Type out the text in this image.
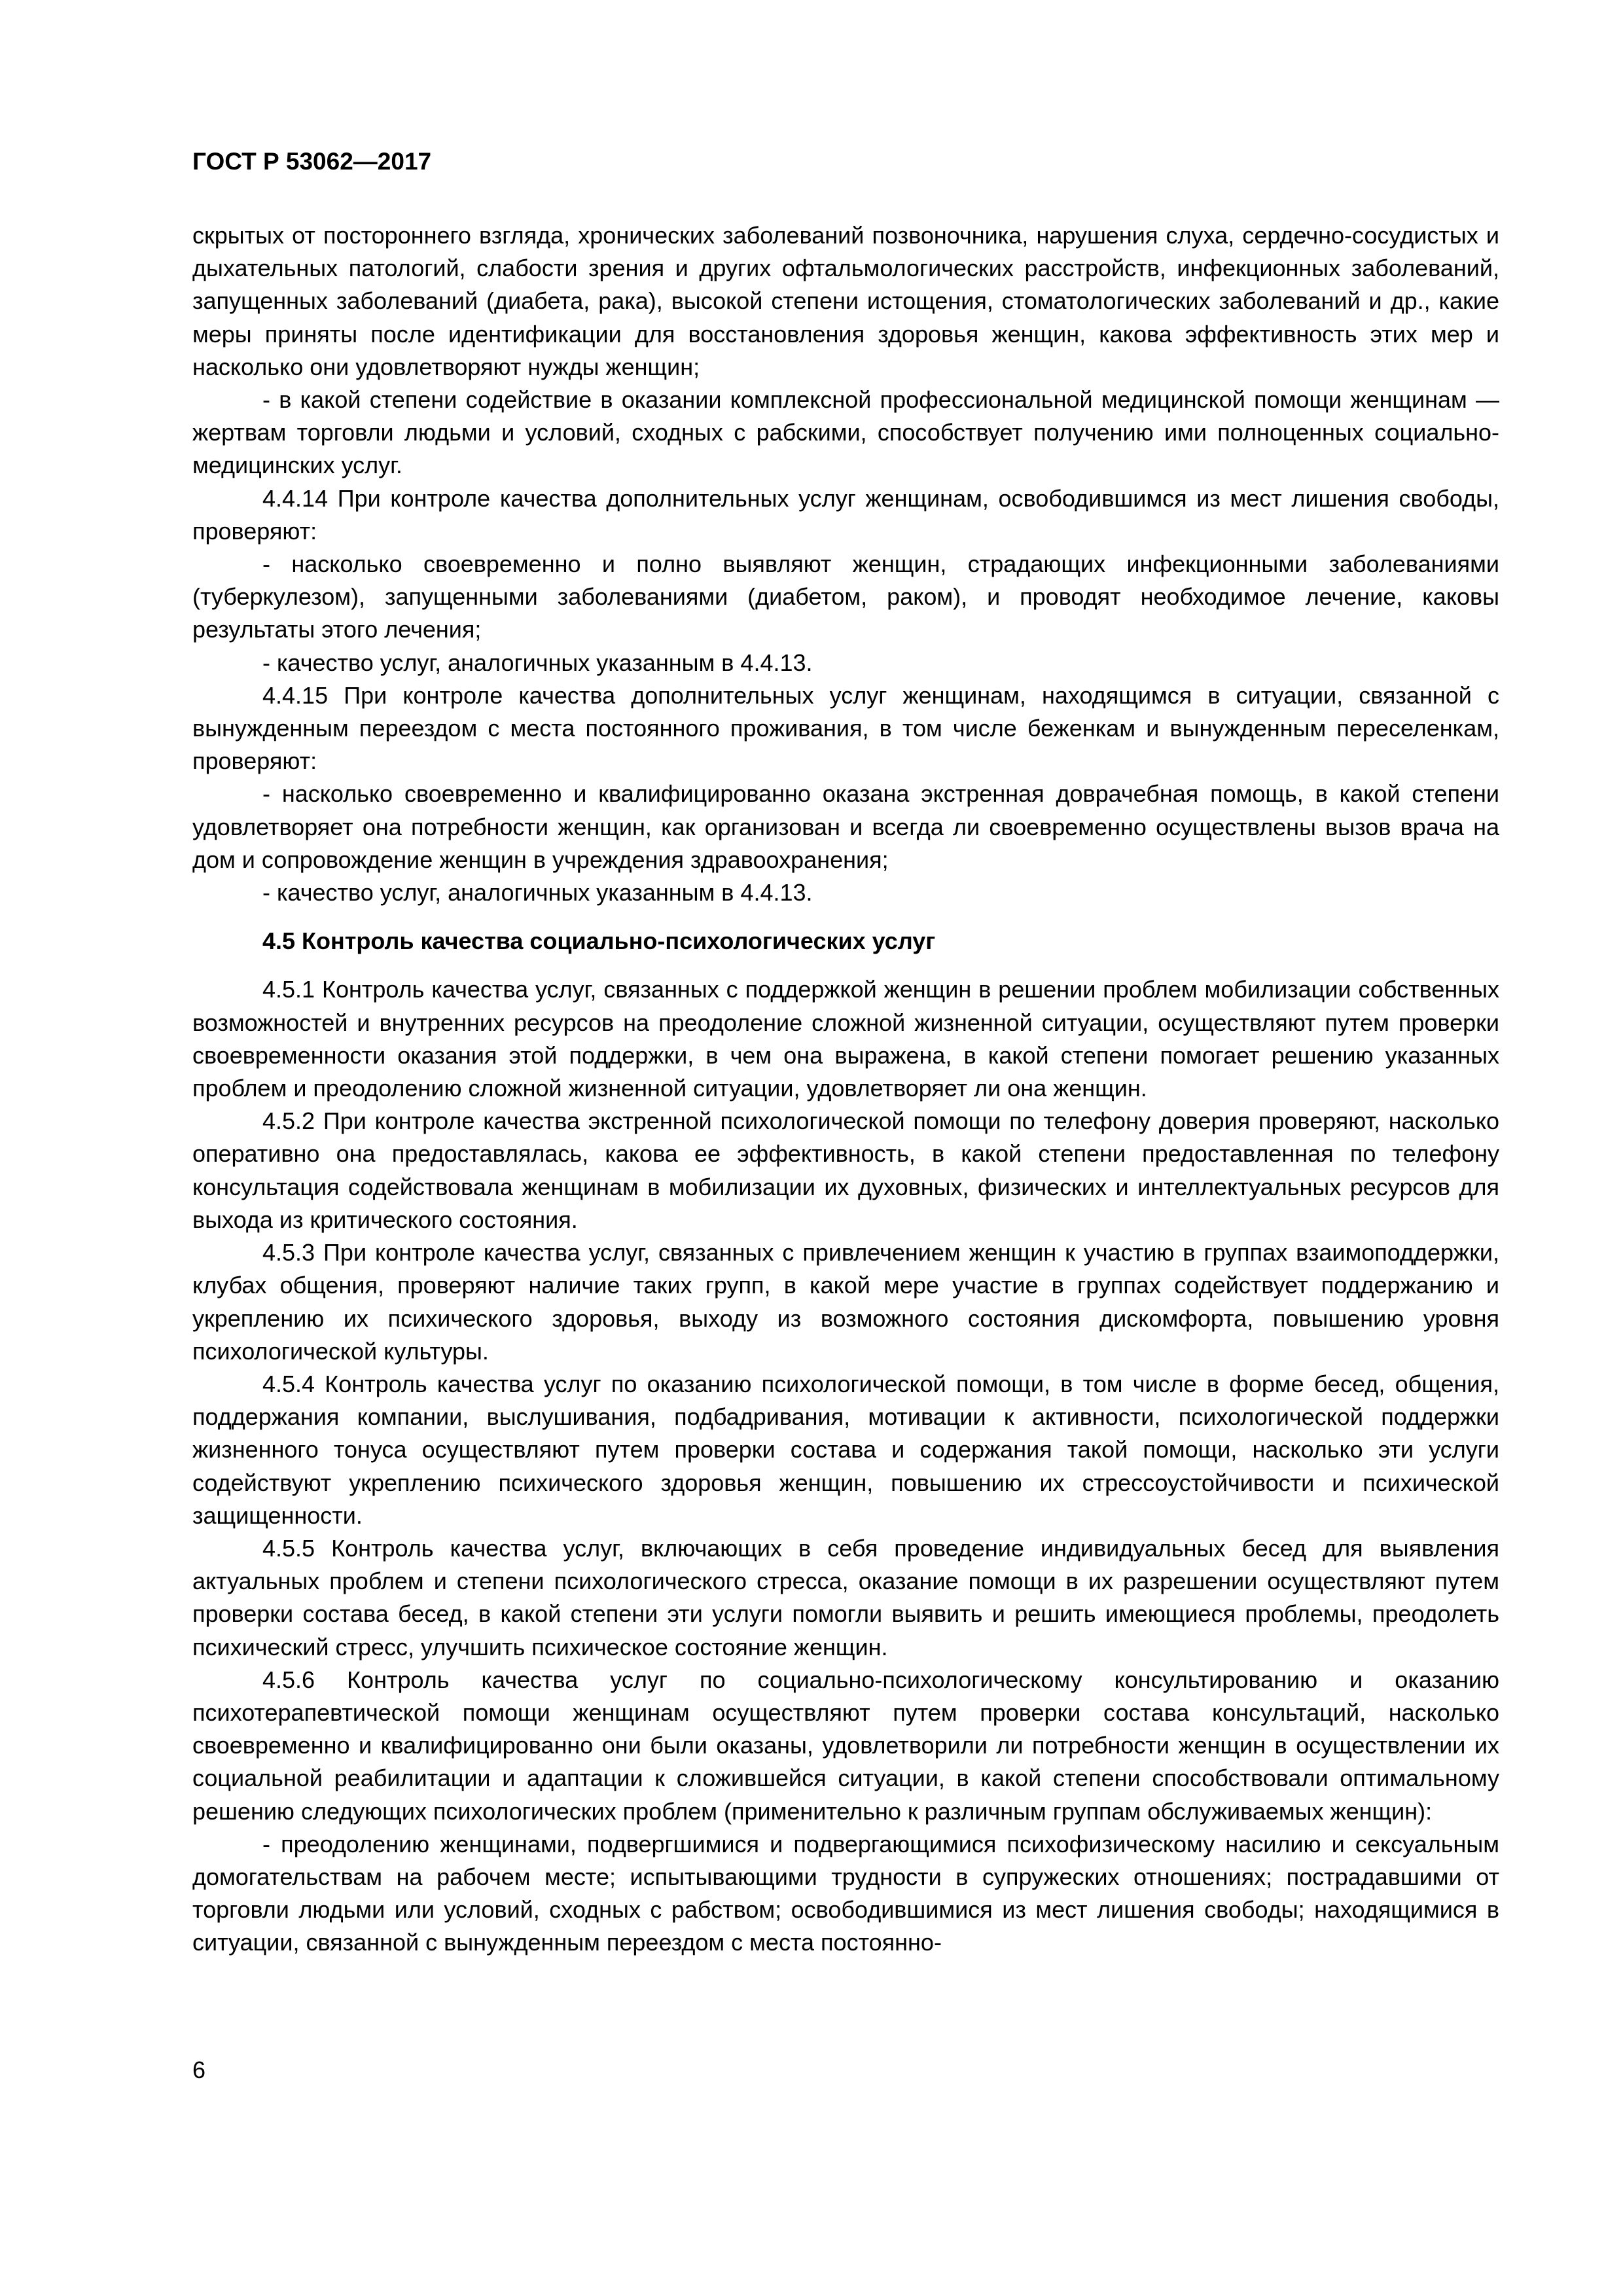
ГОСТ Р 53062—2017

скрытых от постороннего взгляда, хронических заболеваний позвоночника, нарушения слуха, сердечно-сосудистых и дыхательных патологий, слабости зрения и других офтальмологических расстройств, инфекционных заболеваний, запущенных заболеваний (диабета, рака), высокой степени истощения, стоматологических заболеваний и др., какие меры приняты после идентификации для восстановления здоровья женщин, какова эффективность этих мер и насколько они удовлетворяют нужды женщин;

- в какой степени содействие в оказании комплексной профессиональной медицинской помощи женщинам — жертвам торговли людьми и условий, сходных с рабскими, способствует получению ими полноценных социально-медицинских услуг.

4.4.14 При контроле качества дополнительных услуг женщинам, освободившимся из мест лишения свободы, проверяют:

- насколько своевременно и полно выявляют женщин, страдающих инфекционными заболеваниями (туберкулезом), запущенными заболеваниями (диабетом, раком), и проводят необходимое лечение, каковы результаты этого лечения;

- качество услуг, аналогичных указанным в 4.4.13.

4.4.15 При контроле качества дополнительных услуг женщинам, находящимся в ситуации, связанной с вынужденным переездом с места постоянного проживания, в том числе беженкам и вынужденным переселенкам, проверяют:

- насколько своевременно и квалифицированно оказана экстренная доврачебная помощь, в какой степени удовлетворяет она потребности женщин, как организован и всегда ли своевременно осуществлены вызов врача на дом и сопровождение женщин в учреждения здравоохранения;

- качество услуг, аналогичных указанным в 4.4.13.

4.5 Контроль качества социально-психологических услуг

4.5.1 Контроль качества услуг, связанных с поддержкой женщин в решении проблем мобилизации собственных возможностей и внутренних ресурсов на преодоление сложной жизненной ситуации, осуществляют путем проверки своевременности оказания этой поддержки, в чем она выражена, в какой степени помогает решению указанных проблем и преодолению сложной жизненной ситуации, удовлетворяет ли она женщин.

4.5.2 При контроле качества экстренной психологической помощи по телефону доверия проверяют, насколько оперативно она предоставлялась, какова ее эффективность, в какой степени предоставленная по телефону консультация содействовала женщинам в мобилизации их духовных, физических и интеллектуальных ресурсов для выхода из критического состояния.

4.5.3 При контроле качества услуг, связанных с привлечением женщин к участию в группах взаимоподдержки, клубах общения, проверяют наличие таких групп, в какой мере участие в группах содействует поддержанию и укреплению их психического здоровья, выходу из возможного состояния дискомфорта, повышению уровня психологической культуры.

4.5.4 Контроль качества услуг по оказанию психологической помощи, в том числе в форме бесед, общения, поддержания компании, выслушивания, подбадривания, мотивации к активности, психологической поддержки жизненного тонуса осуществляют путем проверки состава и содержания такой помощи, насколько эти услуги содействуют укреплению психического здоровья женщин, повышению их стрессоустойчивости и психической защищенности.

4.5.5 Контроль качества услуг, включающих в себя проведение индивидуальных бесед для выявления актуальных проблем и степени психологического стресса, оказание помощи в их разрешении осуществляют путем проверки состава бесед, в какой степени эти услуги помогли выявить и решить имеющиеся проблемы, преодолеть психический стресс, улучшить психическое состояние женщин.

4.5.6 Контроль качества услуг по социально-психологическому консультированию и оказанию психотерапевтической помощи женщинам осуществляют путем проверки состава консультаций, насколько своевременно и квалифицированно они были оказаны, удовлетворили ли потребности женщин в осуществлении их социальной реабилитации и адаптации к сложившейся ситуации, в какой степени способствовали оптимальному решению следующих психологических проблем (применительно к различным группам обслуживаемых женщин):

- преодолению женщинами, подвергшимися и подвергающимися психофизическому насилию и сексуальным домогательствам на рабочем месте; испытывающими трудности в супружеских отношениях; пострадавшими от торговли людьми или условий, сходных с рабством; освободившимися из мест лишения свободы; находящимися в ситуации, связанной с вынужденным переездом с места постоянно-

6
